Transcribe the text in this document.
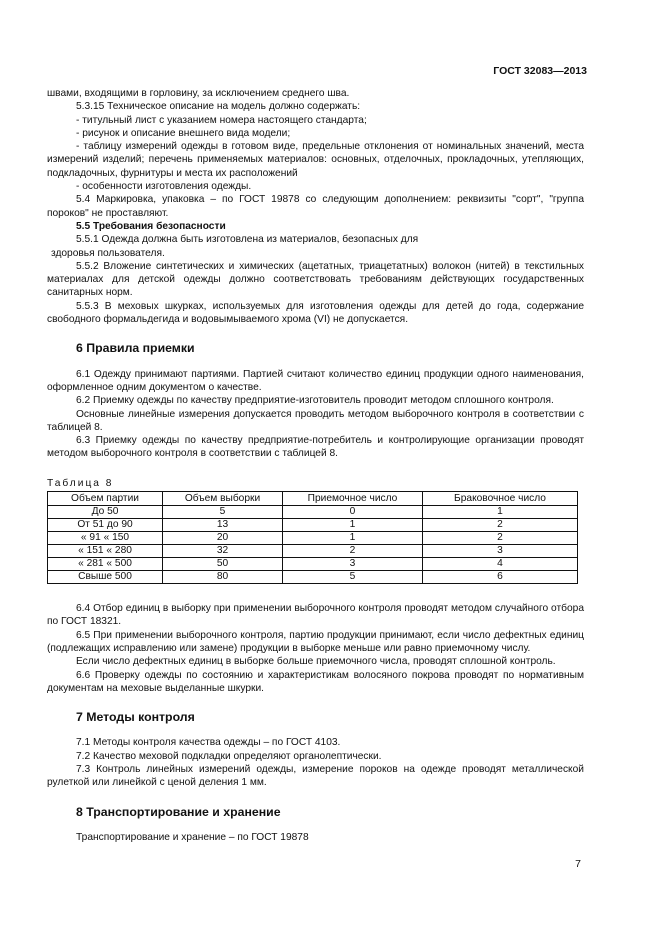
ГОСТ 32083—2013

швами, входящими в горловину, за исключением среднего шва.

5.3.15 Техническое описание на модель должно содержать:

- титульный лист с указанием номера настоящего стандарта;

- рисунок и описание внешнего вида модели;

- таблицу измерений одежды в готовом виде, предельные отклонения от номинальных значений, места измерений изделий; перечень применяемых материалов: основных, отделочных, прокладочных, утепляющих, подкладочных, фурнитуры и места их расположений

- особенности изготовления одежды.

5.4 Маркировка, упаковка – по ГОСТ 19878 со следующим дополнением: реквизиты "сорт", "группа пороков" не проставляют.

5.5 Требования безопасности

5.5.1 Одежда должна быть изготовлена из материалов, безопасных для

здоровья пользователя.

5.5.2 Вложение синтетических и химических (ацетатных, триацетатных) волокон (нитей) в текстильных материалах для детской одежды должно соответствовать требованиям действующих государственных санитарных норм.

5.5.3 В меховых шкурках, используемых для изготовления одежды для детей до года, содержание свободного формальдегида и водовымываемого хрома (VI) не допускается.

6 Правила приемки

6.1 Одежду принимают партиями. Партией считают количество единиц продукции одного наименования, оформленное одним документом о качестве.

6.2 Приемку одежды по качеству предприятие-изготовитель проводит методом сплошного контроля.

Основные линейные измерения допускается проводить методом выборочного контроля в соответствии с таблицей 8.

6.3 Приемку одежды по качеству предприятие-потребитель и контролирующие организации проводят методом выборочного контроля в соответствии с таблицей 8.

Таблица 8
Объем партии	Объем выборки	Приемочное число	Браковочное число
До 50	5	0	1
От 51 до 90	13	1	2
« 91 « 150	20	1	2
« 151 « 280	32	2	3
« 281 « 500	50	3	4
Свыше 500	80	5	6

6.4 Отбор единиц в выборку при применении выборочного контроля проводят методом случайного отбора по ГОСТ 18321.

6.5 При применении выборочного контроля, партию продукции принимают, если число дефектных единиц (подлежащих исправлению или замене) продукции в выборке меньше или равно приемочному числу.

Если число дефектных единиц в выборке больше приемочного числа, проводят сплошной контроль.

6.6 Проверку одежды по состоянию и характеристикам волосяного покрова проводят по нормативным документам на меховые выделанные шкурки.

7 Методы контроля

7.1 Методы контроля качества одежды – по ГОСТ 4103.

7.2 Качество меховой подкладки определяют органолептически.

7.3 Контроль линейных измерений одежды, измерение пороков на одежде проводят металлической рулеткой или линейкой с ценой деления 1 мм.

8 Транспортирование и хранение

Транспортирование и хранение – по ГОСТ 19878

7
